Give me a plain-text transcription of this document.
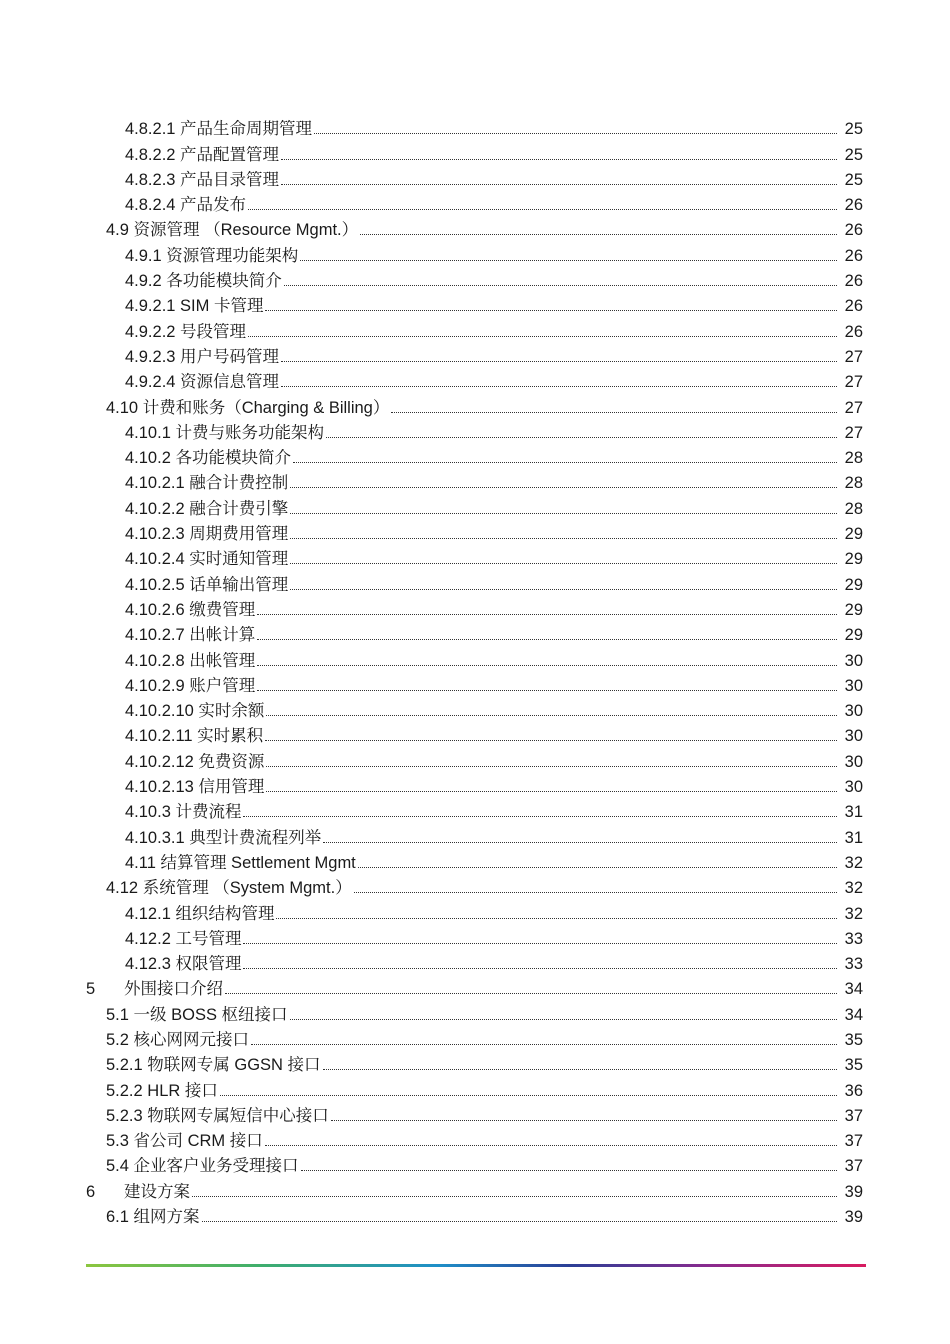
4.8.2.1 产品生命周期管理	25
4.8.2.2 产品配置管理	25
4.8.2.3 产品目录管理	25
4.8.2.4 产品发布	26
4.9 资源管理 （Resource Mgmt.）	26
4.9.1 资源管理功能架构	26
4.9.2 各功能模块简介	26
4.9.2.1 SIM 卡管理	26
4.9.2.2 号段管理	26
4.9.2.3 用户号码管理	27
4.9.2.4 资源信息管理	27
4.10 计费和账务（Charging & Billing）	27
4.10.1 计费与账务功能架构	27
4.10.2 各功能模块简介	28
4.10.2.1 融合计费控制	28
4.10.2.2 融合计费引擎	28
4.10.2.3 周期费用管理	29
4.10.2.4 实时通知管理	29
4.10.2.5 话单输出管理	29
4.10.2.6 缴费管理	29
4.10.2.7 出帐计算	29
4.10.2.8 出帐管理	30
4.10.2.9 账户管理	30
4.10.2.10 实时余额	30
4.10.2.11 实时累积	30
4.10.2.12 免费资源	30
4.10.2.13 信用管理	30
4.10.3 计费流程	31
4.10.3.1 典型计费流程列举	31
4.11 结算管理 Settlement Mgmt	32
4.12 系统管理 （System Mgmt.）	32
4.12.1 组织结构管理	32
4.12.2 工号管理	33
4.12.3 权限管理	33
5	外围接口介绍	34
5.1 一级 BOSS 枢纽接口	34
5.2 核心网网元接口	35
5.2.1 物联网专属 GGSN 接口	35
5.2.2 HLR 接口	36
5.2.3 物联网专属短信中心接口	37
5.3 省公司 CRM 接口	37
5.4 企业客户业务受理接口	37
6	建设方案	39
6.1 组网方案	39
